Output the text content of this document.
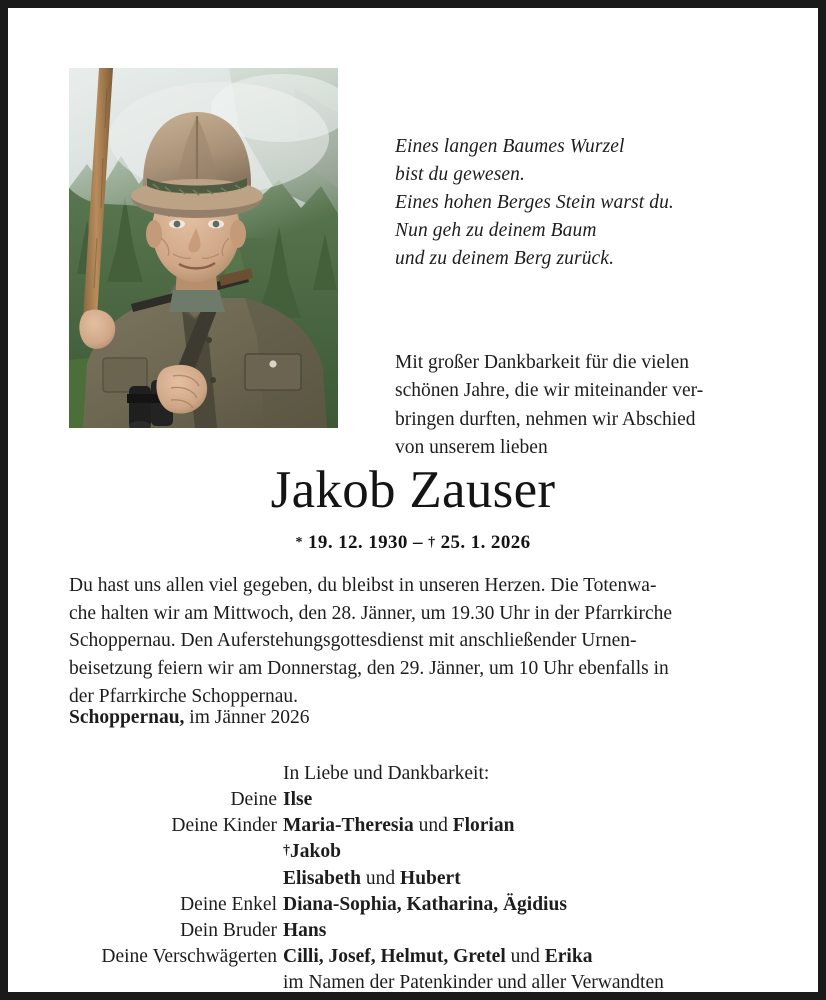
Eines langen Baumes Wurzel
bist du gewesen.
Eines hohen Berges Stein warst du.
Nun geh zu deinem Baum
und zu deinem Berg zurück.
Mit großer Dankbarkeit für die vielen
schönen Jahre, die wir miteinander ver-
bringen durften, nehmen wir Abschied
von unserem lieben
Jakob Zauser
* 19. 12. 1930 – † 25. 1. 2026
Du hast uns allen viel gegeben, du bleibst in unseren Herzen. Die Totenwa-
che halten wir am Mittwoch, den 28. Jänner, um 19.30 Uhr in der Pfarrkirche
Schoppernau. Den Auferstehungsgottesdienst mit anschließender Urnen-
beisetzung feiern wir am Donnerstag, den 29. Jänner, um 10 Uhr ebenfalls in
der Pfarrkirche Schoppernau.
Schoppernau, im Jänner 2026
In Liebe und Dankbarkeit:
Deine Ilse
Deine Kinder Maria-Theresia und Florian
†Jakob
Elisabeth und Hubert
Deine Enkel Diana-Sophia, Katharina, Ägidius
Dein Bruder Hans
Deine Verschwägerten Cilli, Josef, Helmut, Gretel und Erika
im Namen der Patenkinder und aller Verwandten
